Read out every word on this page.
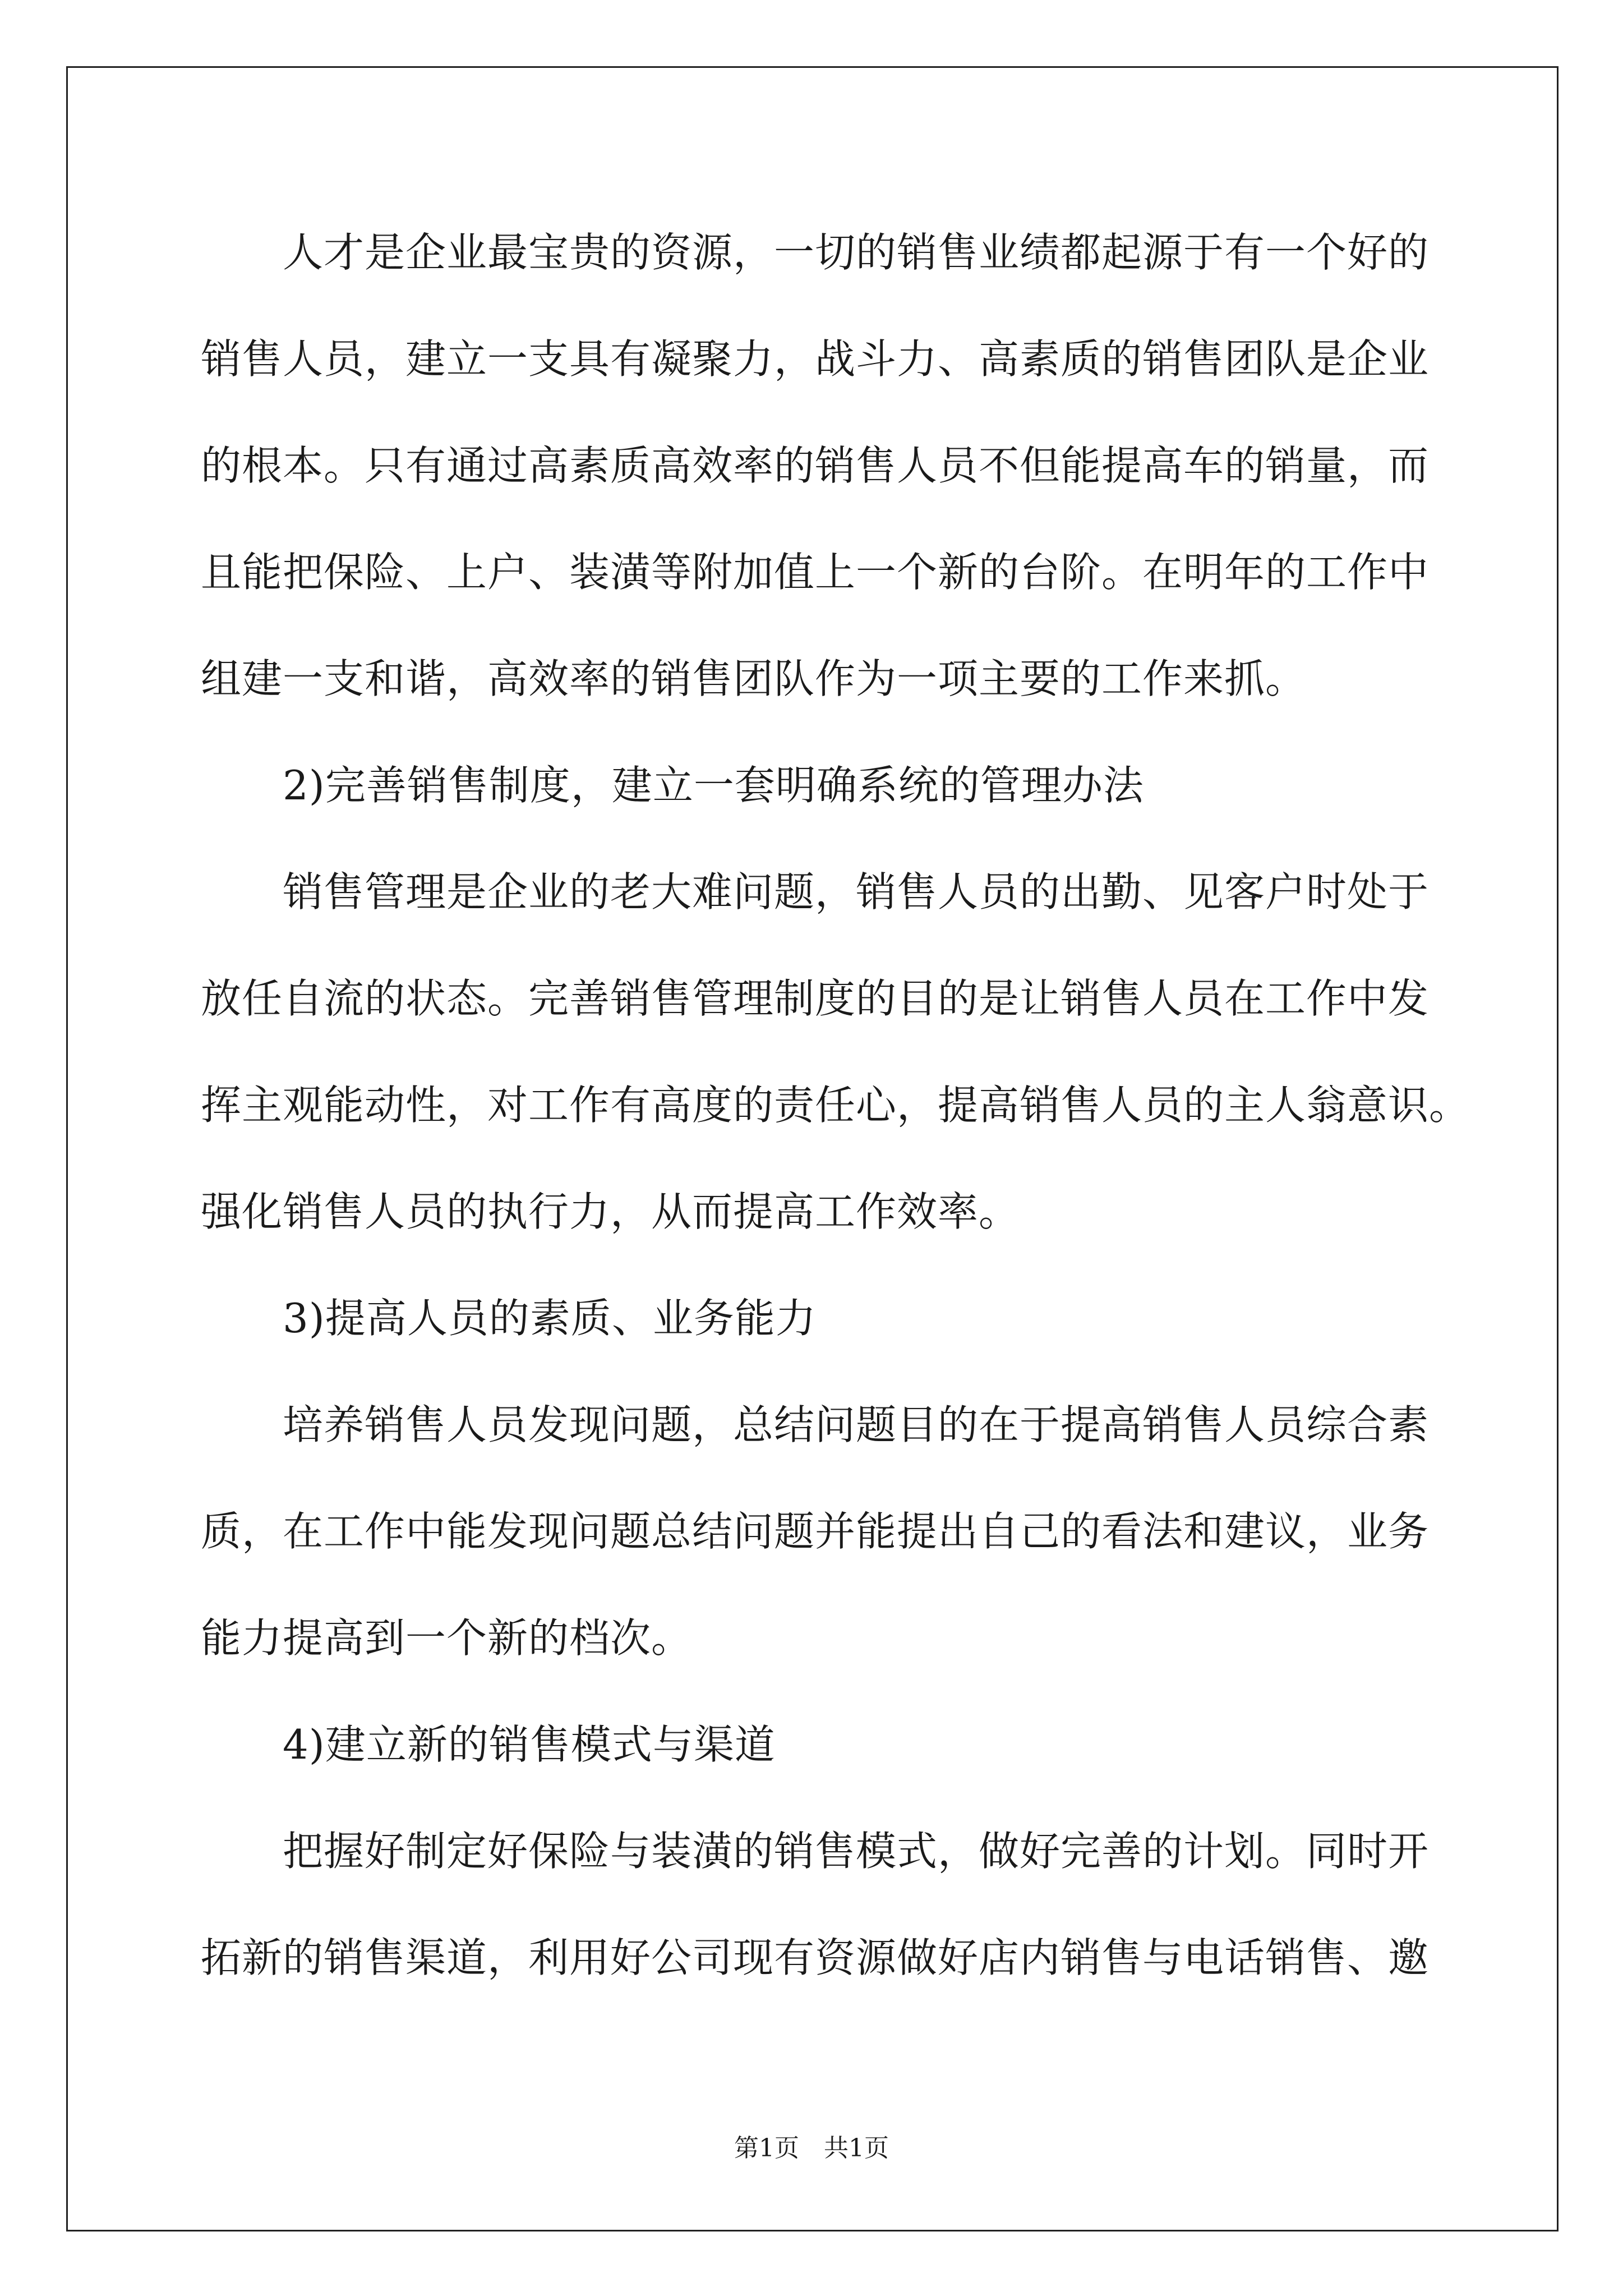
人才是企业最宝贵的资源，一切的销售业绩都起源于有一个好的
销售人员，建立一支具有凝聚力，战斗力、高素质的销售团队是企业
的根本。只有通过高素质高效率的销售人员不但能提高车的销量，而
且能把保险、上户、装潢等附加值上一个新的台阶。在明年的工作中
组建一支和谐，高效率的销售团队作为一项主要的工作来抓。
2)完善销售制度，建立一套明确系统的管理办法
销售管理是企业的老大难问题，销售人员的出勤、见客户时处于
放任自流的状态。完善销售管理制度的目的是让销售人员在工作中发
挥主观能动性，对工作有高度的责任心，提高销售人员的主人翁意识。
强化销售人员的执行力，从而提高工作效率。
3)提高人员的素质、业务能力
培养销售人员发现问题，总结问题目的在于提高销售人员综合素
质，在工作中能发现问题总结问题并能提出自己的看法和建议，业务
能力提高到一个新的档次。
4)建立新的销售模式与渠道
把握好制定好保险与装潢的销售模式，做好完善的计划。同时开
拓新的销售渠道，利用好公司现有资源做好店内销售与电话销售、邀
第1页 共1页
